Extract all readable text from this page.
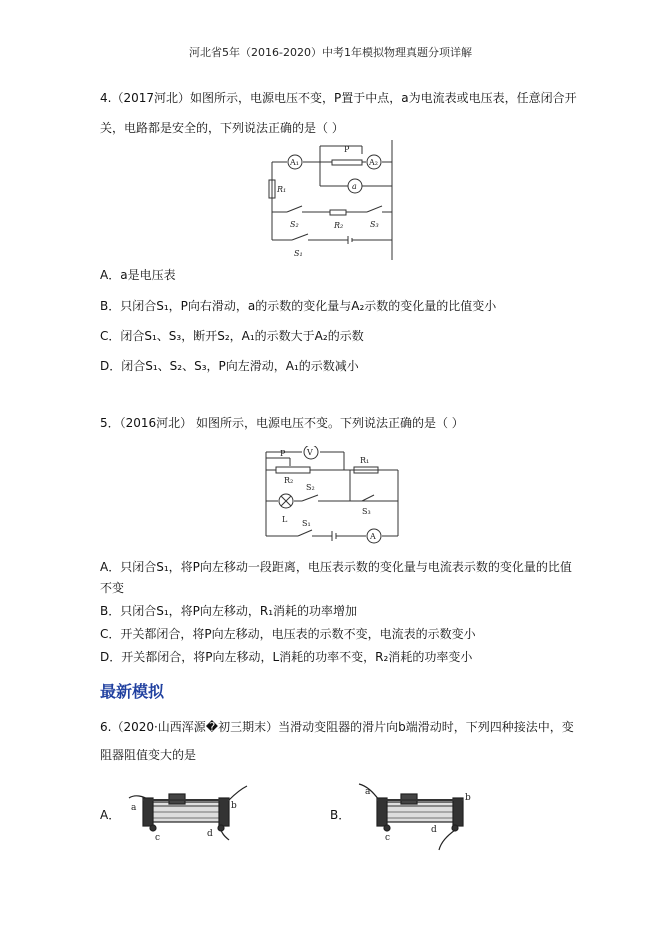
河北省5年（2016-2020）中考1年模拟物理真题分项详解
4.（2017河北）如图所示，电源电压不变，P置于中点，a为电流表或电压表，任意闭合开
关，电路都是安全的，下列说法正确的是（ ）
A₁	A₂
a
P
R₁
R₂
S₂	S₃
S₁
A．a是电压表
B．只闭合S₁，P向右滑动，a的示数的变化量与A₂示数的变化量的比值变小
C．闭合S₁、S₃，断开S₂，A₁的示数大于A₂的示数
D．闭合S₁、S₂、S₃，P向左滑动，A₁的示数减小
5．（2016河北） 如图所示，电源电压不变。下列说法正确的是（ ）
V
A
P
R₁
R₂
L
S₂
S₃
S₁
A．只闭合S₁，将P向左移动一段距离，电压表示数的变化量与电流表示数的变化量的比值
不变
B．只闭合S₁，将P向左移动，R₁消耗的功率增加
C．开关都闭合，将P向左移动，电压表的示数不变，电流表的示数变小
D．开关都闭合，将P向左移动，L消耗的功率不变，R₂消耗的功率变小
最新模拟
6.（2020·山西浑源�初三期末）当滑动变阻器的滑片向b端滑动时，下列四种接法中，变
阻器阻值变大的是
A．	B．
a	b
c	d
a
b
c
d
